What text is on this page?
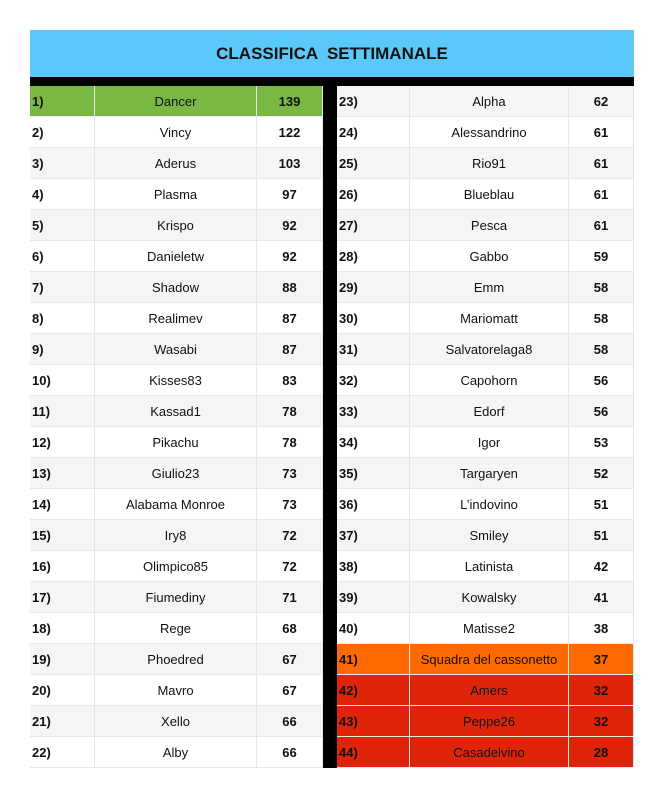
CLASSIFICA  SETTIMANALE
1)	Dancer	139
2)	Vincy	122
3)	Aderus	103
4)	Plasma	97
5)	Krispo	92
6)	Danieletw	92
7)	Shadow	88
8)	Realimev	87
9)	Wasabi	87
10)	Kisses83	83
11)	Kassad1	78
12)	Pikachu	78
13)	Giulio23	73
14)	Alabama Monroe	73
15)	Iry8	72
16)	Olimpico85	72
17)	Fiumediny	71
18)	Rege	68
19)	Phoedred	67
20)	Mavro	67
21)	Xello	66
22)	Alby	66
23)	Alpha	62
24)	Alessandrino	61
25)	Rio91	61
26)	Blueblau	61
27)	Pesca	61
28)	Gabbo	59
29)	Emm	58
30)	Mariomatt	58
31)	Salvatorelaga8	58
32)	Capohorn	56
33)	Edorf	56
34)	Igor	53
35)	Targaryen	52
36)	L’indovino	51
37)	Smiley	51
38)	Latinista	42
39)	Kowalsky	41
40)	Matisse2	38
41)	Squadra del cassonetto	37
42)	Amers	32
43)	Peppe26	32
44)	Casadelvino	28
